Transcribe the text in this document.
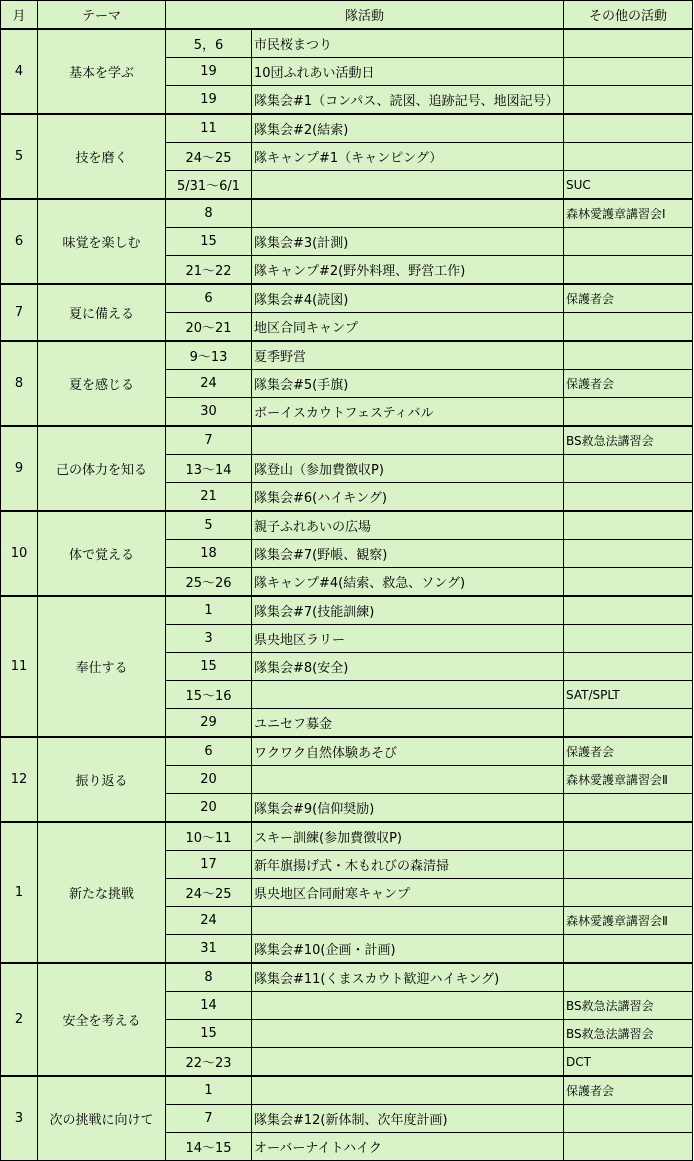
月	テーマ	隊活動		その他の活動
4	基本を学ぶ	5，6	市民桜まつり	
		19	10団ふれあい活動日	
		19	隊集会#1（コンパス、読図、追跡記号、地図記号）	
5	技を磨く	11	隊集会#2(結索)	
		24～25	隊キャンプ#1（キャンピング）	
		5/31～6/1		SUC
6	味覚を楽しむ	8		森林愛護章講習会Ⅰ
		15	隊集会#3(計測)	
		21～22	隊キャンプ#2(野外料理、野営工作)	
7	夏に備える	6	隊集会#4(読図)	保護者会
		20～21	地区合同キャンプ	
8	夏を感じる	9～13	夏季野営	
		24	隊集会#5(手旗)	保護者会
		30	ボーイスカウトフェスティバル	
9	己の体力を知る	7		BS救急法講習会
		13～14	隊登山（参加費徴収P)	
		21	隊集会#6(ハイキング)	
10	体で覚える	5	親子ふれあいの広場	
		18	隊集会#7(野帳、観察)	
		25～26	隊キャンプ#4(結索、救急、ソング)	
11	奉仕する	1	隊集会#7(技能訓練)	
		3	県央地区ラリー	
		15	隊集会#8(安全)	
		15～16		SAT/SPLT
		29	ユニセフ募金	
12	振り返る	6	ワクワク自然体験あそび	保護者会
		20		森林愛護章講習会Ⅱ
		20	隊集会#9(信仰奨励)	
1	新たな挑戦	10～11	スキー訓練(参加費徴収P)	
		17	新年旗揚げ式・木もれびの森清掃	
		24～25	県央地区合同耐寒キャンプ	
		24		森林愛護章講習会Ⅱ
		31	隊集会#10(企画・計画)	
2	安全を考える	8	隊集会#11(くまスカウト歓迎ハイキング)	
		14		BS救急法講習会
		15		BS救急法講習会
		22～23		DCT
3	次の挑戦に向けて	1		保護者会
		7	隊集会#12(新体制、次年度計画)	
		14～15	オーバーナイトハイク	
